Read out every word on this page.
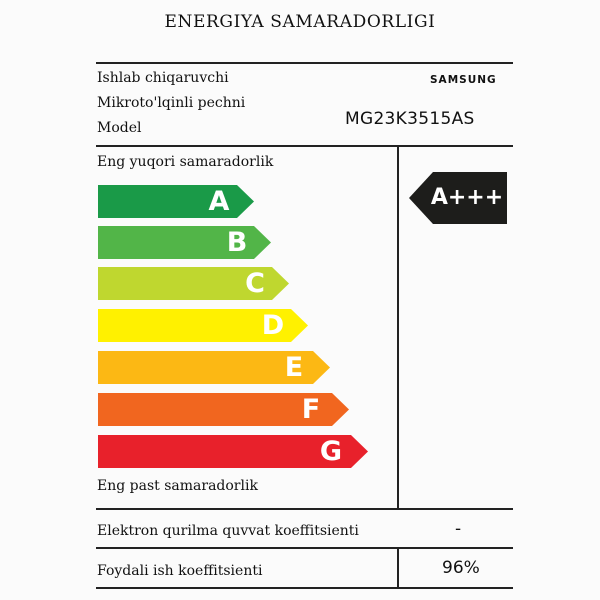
ENERGIYA SAMARADORLIGI
Ishlab chiqaruvchi	SAMSUNG
Mikroto'lqinli pechni
Model	MG23K3515AS
Eng yuqori samaradorlik
A
B
C
D
E
F
G
A+++
Eng past samaradorlik
Elektron qurilma quvvat koeffitsienti	-
Foydali ish koeffitsienti	96%
